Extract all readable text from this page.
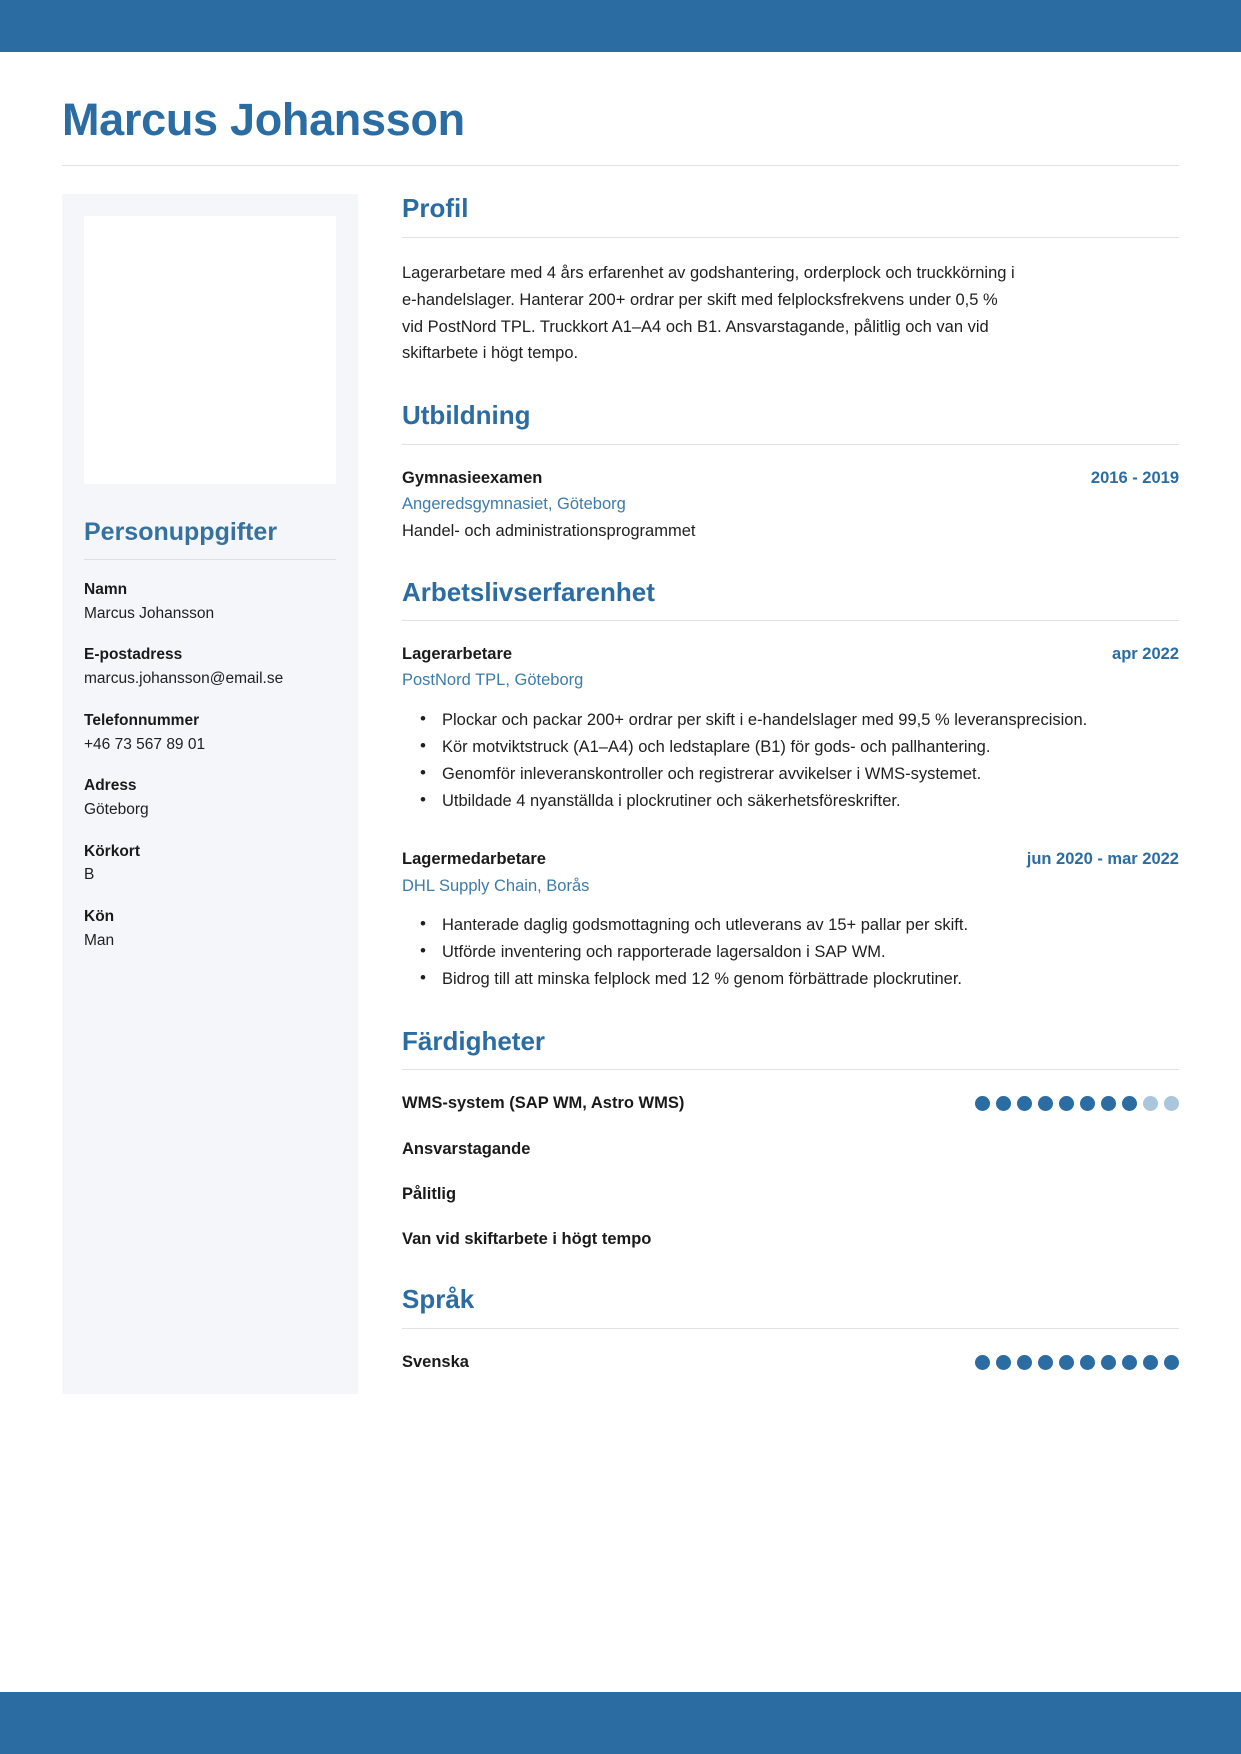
Marcus Johansson
Personuppgifter
Namn
Marcus Johansson
E-postadress
marcus.johansson@email.se
Telefonnummer
+46 73 567 89 01
Adress
Göteborg
Körkort
B
Kön
Man
Profil

Lagerarbetare med 4 års erfarenhet av godshantering, orderplock och truckkörning i e-handelslager. Hanterar 200+ ordrar per skift med felplocksfrekvens under 0,5 % vid PostNord TPL. Truckkort A1–A4 och B1. Ansvarstagande, pålitlig och van vid skiftarbete i högt tempo.

Utbildning
Gymnasieexamen	2016 - 2019
Angeredsgymnasiet, Göteborg
Handel- och administrationsprogrammet
Arbetslivserfarenhet
Lagerarbetare	apr 2022
PostNord TPL, Göteborg
• Plockar och packar 200+ ordrar per skift i e-handelslager med 99,5 % leveransprecision.
• Kör motviktstruck (A1–A4) och ledstaplare (B1) för gods- och pallhantering.
• Genomför inleveranskontroller och registrerar avvikelser i WMS-systemet.
• Utbildade 4 nyanställda i plockrutiner och säkerhetsföreskrifter.
Lagermedarbetare	jun 2020 - mar 2022
DHL Supply Chain, Borås
• Hanterade daglig godsmottagning och utleverans av 15+ pallar per skift.
• Utförde inventering och rapporterade lagersaldon i SAP WM.
• Bidrog till att minska felplock med 12 % genom förbättrade plockrutiner.
Färdigheter
WMS-system (SAP WM, Astro WMS)
Ansvarstagande
Pålitlig
Van vid skiftarbete i högt tempo
Språk
Svenska
